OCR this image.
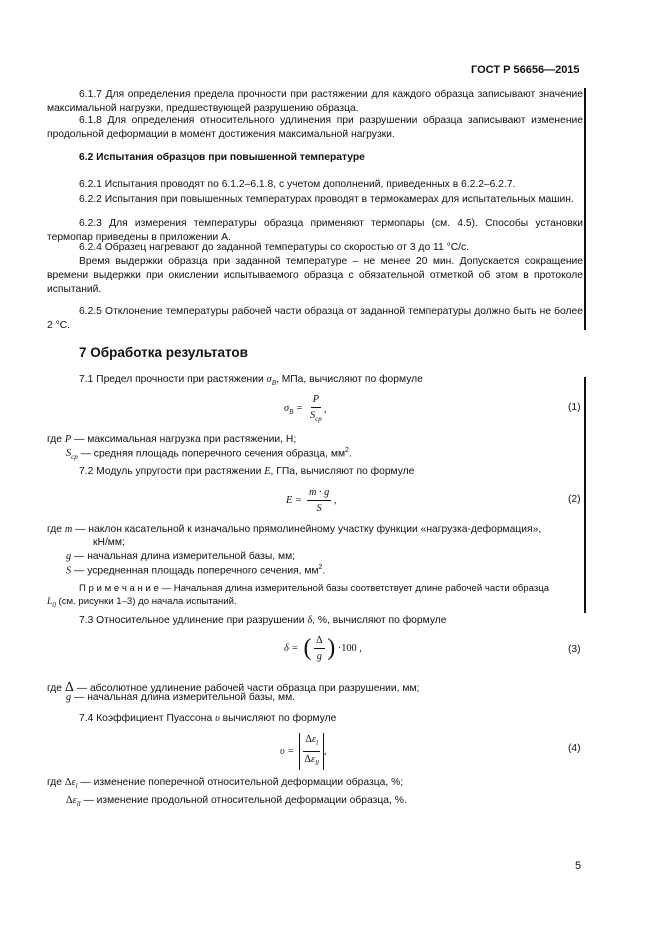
ГОСТ Р 56656—2015
6.1.7 Для определения предела прочности при растяжении для каждого образца записывают значение максимальной нагрузки, предшествующей разрушению образца.
6.1.8 Для определения относительного удлинения при разрушении образца записывают изменение продольной деформации в момент достижения максимальной нагрузки.
6.2 Испытания образцов при повышенной температуре
6.2.1 Испытания проводят по 6.1.2–6.1.8, с учетом дополнений, приведенных в 6.2.2–6.2.7.
6.2.2 Испытания при повышенных температурах проводят в термокамерах для испытательных машин.
6.2.3 Для измерения температуры образца применяют термопары (см. 4.5). Способы установки термопар приведены в приложении А.
6.2.4 Образец нагревают до заданной температуры со скоростью от 3 до 11 °С/с.
Время выдержки образца при заданной температуре – не менее 20 мин. Допускается сокращение времени выдержки при окислении испытываемого образца с обязательной отметкой об этом в протоколе испытаний.
6.2.5 Отклонение температуры рабочей части образца от заданной температуры должно быть не более 2 °С.
7 Обработка результатов
7.1 Предел прочности при растяжении $\sigma_B$, МПа, вычисляют по формуле
$\sigma_B = \frac{P}{S_{ср}}$ ,	(1)
где P — максимальная нагрузка при растяжении, Н;
$S_{ср}$ — средняя площадь поперечного сечения образца, $мм^2$.
7.2 Модуль упругости при растяжении E, ГПа, вычисляют по формуле
$E = \frac{m \cdot g}{S}$ ,	(2)
где m — наклон касательной к изначально прямолинейному участку функции «нагрузка-деформация»,
кН/мм;
g — начальная длина измерительной базы, мм;
S — усредненная площадь поперечного сечения, $мм^2$.
П р и м е ч а н и е — Начальная длина измерительной базы соответствует длине рабочей части образца
$L_0$ (см. рисунки 1–3) до начала испытаний.
7.3 Относительное удлинение при разрушении δ, %, вычисляют по формуле
δ =  ( $\frac{\Delta}{g}$ ) ·100 ,	(3)
где Δ — абсолютное удлинение рабочей части образца при разрушении, мм;
g — начальная длина измерительной базы, мм.
7.4 Коэффициент Пуассона υ вычисляют по формуле
$\upsilon = \frac{\Delta\varepsilon_l}{\Delta\varepsilon_{ll}}$ ,	(4)
где $\Delta\varepsilon_l$ — изменение поперечной относительной деформации образца, %;
$\Delta\varepsilon_{ll}$ — изменение продольной относительной деформации образца, %.
5
